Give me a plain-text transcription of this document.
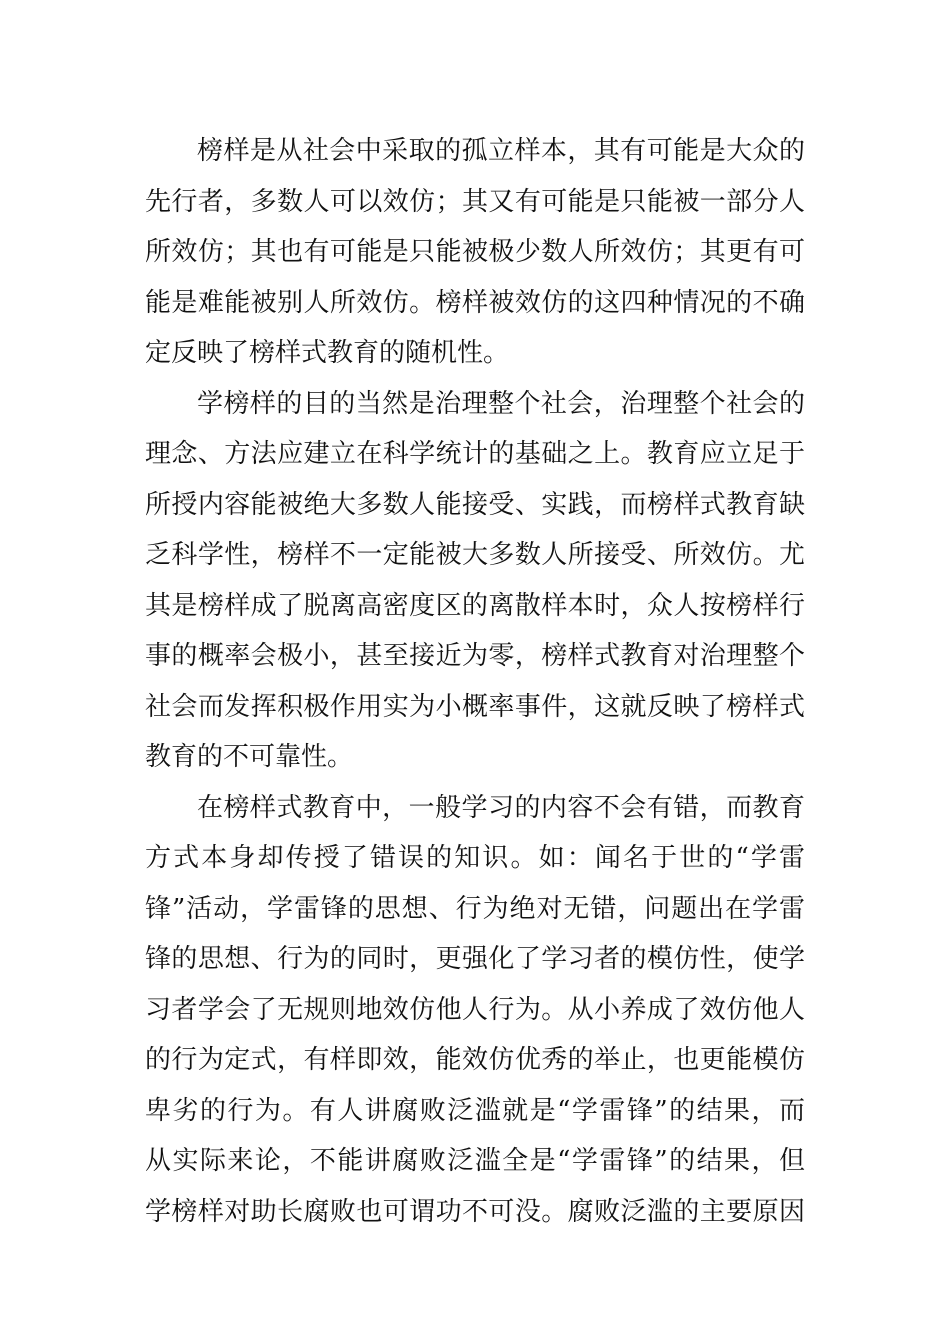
榜样是从社会中采取的孤立样本，其有可能是大众的
先行者，多数人可以效仿；其又有可能是只能被一部分人
所效仿；其也有可能是只能被极少数人所效仿；其更有可
能是难能被别人所效仿。榜样被效仿的这四种情况的不确
定反映了榜样式教育的随机性。

学榜样的目的当然是治理整个社会，治理整个社会的
理念、方法应建立在科学统计的基础之上。教育应立足于
所授内容能被绝大多数人能接受、实践，而榜样式教育缺
乏科学性，榜样不一定能被大多数人所接受、所效仿。尤
其是榜样成了脱离高密度区的离散样本时，众人按榜样行
事的概率会极小，甚至接近为零，榜样式教育对治理整个
社会而发挥积极作用实为小概率事件，这就反映了榜样式
教育的不可靠性。

在榜样式教育中，一般学习的内容不会有错，而教育
方式本身却传授了错误的知识。如：闻名于世的“学雷
锋”活动，学雷锋的思想、行为绝对无错，问题出在学雷
锋的思想、行为的同时，更强化了学习者的模仿性，使学
习者学会了无规则地效仿他人行为。从小养成了效仿他人
的行为定式，有样即效，能效仿优秀的举止，也更能模仿
卑劣的行为。有人讲腐败泛滥就是“学雷锋”的结果，而
从实际来论，不能讲腐败泛滥全是“学雷锋”的结果，但
学榜样对助长腐败也可谓功不可没。腐败泛滥的主要原因
